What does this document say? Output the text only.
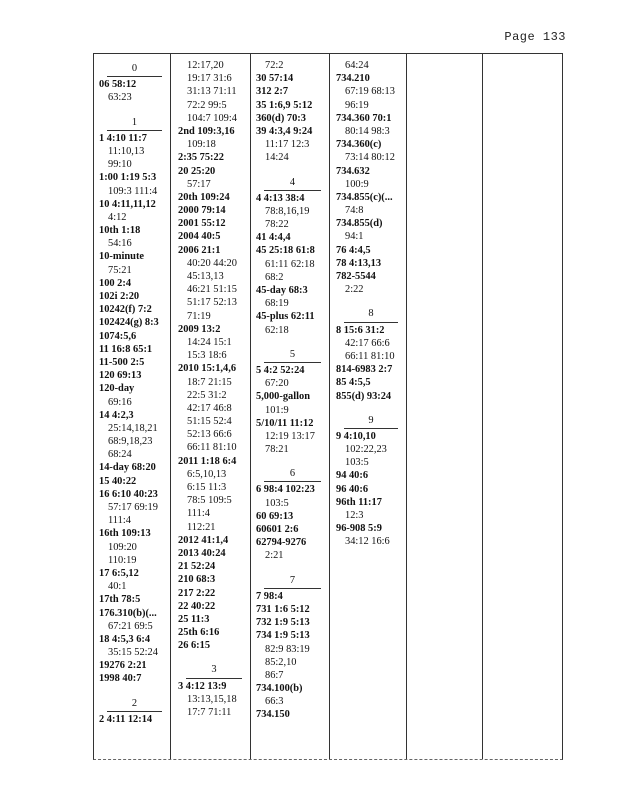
Page 133
0
06 58:12
63:23
1
1 4:10 11:7
11:10,13
99:10
1:00 1:19 5:3
109:3 111:4
10 4:11,11,12
4:12
10th 1:18
54:16
10-minute
75:21
100 2:4
102i 2:20
10242(f) 7:2
102424(g) 8:3
1074:5,6
11 16:8 65:1
11-500 2:5
120 69:13
120-day
69:16
14 4:2,3
25:14,18,21
68:9,18,23
68:24
14-day 68:20
15 40:22
16 6:10 40:23
57:17 69:19
111:4
16th 109:13
109:20
110:19
17 6:5,12
40:1
17th 78:5
176.310(b)(...
67:21 69:5
18 4:5,3 6:4
35:15 52:24
19276 2:21
1998 40:7
2
2 4:11 12:14
12:17,20
19:17 31:6
31:13 71:11
72:2 99:5
104:7 109:4
2nd 109:3,16
109:18
2:35 75:22
20 25:20
57:17
20th 109:24
2000 79:14
2001 55:12
2004 40:5
2006 21:1
40:20 44:20
45:13,13
46:21 51:15
51:17 52:13
71:19
2009 13:2
14:24 15:1
15:3 18:6
2010 15:1,4,6
18:7 21:15
22:5 31:2
42:17 46:8
51:15 52:4
52:13 66:6
66:11 81:10
2011 1:18 6:4
6:5,10,13
6:15 11:3
78:5 109:5
111:4
112:21
2012 41:1,4
2013 40:24
21 52:24
210 68:3
217 2:22
22 40:22
25 11:3
25th 6:16
26 6:15
3
3 4:12 13:9
13:13,15,18
17:7 71:11
72:2
30 57:14
312 2:7
35 1:6,9 5:12
360(d) 70:3
39 4:3,4 9:24
11:17 12:3
14:24
4
4 4:13 38:4
78:8,16,19
78:22
41 4:4,4
45 25:18 61:8
61:11 62:18
68:2
45-day 68:3
68:19
45-plus 62:11
62:18
5
5 4:2 52:24
67:20
5,000-gallon
101:9
5/10/11 11:12
12:19 13:17
78:21
6
6 98:4 102:23
103:5
60 69:13
60601 2:6
62794-9276
2:21
7
7 98:4
731 1:6 5:12
732 1:9 5:13
734 1:9 5:13
82:9 83:19
85:2,10
86:7
734.100(b)
66:3
734.150
64:24
734.210
67:19 68:13
96:19
734.360 70:1
80:14 98:3
734.360(c)
73:14 80:12
734.632
100:9
734.855(c)(...
74:8
734.855(d)
94:1
76 4:4,5
78 4:13,13
782-5544
2:22
8
8 15:6 31:2
42:17 66:6
66:11 81:10
814-6983 2:7
85 4:5,5
855(d) 93:24
9
9 4:10,10
102:22,23
103:5
94 40:6
96 40:6
96th 11:17
12:3
96-908 5:9
34:12 16:6
